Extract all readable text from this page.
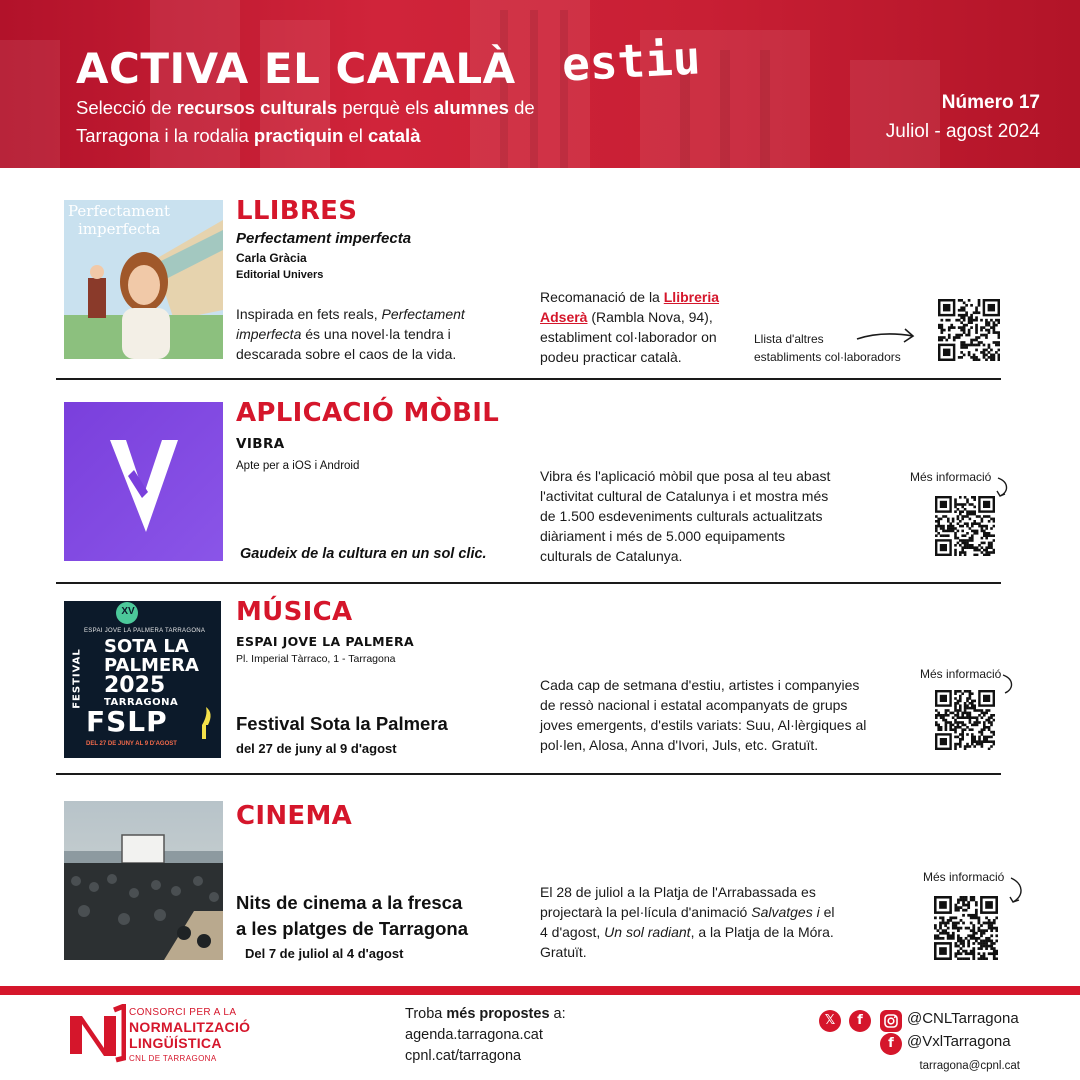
ACTIVA EL CATALÀ estiu
Selecció de recursos culturals perquè els alumnes de Tarragona i la rodalia practiquin el català
Número 17
Juliol - agost 2024
Perfectament
imperfecta
LLIBRES
Perfectament imperfecta
Carla Gràcia
Editorial Univers
Inspirada en fets reals, Perfectament imperfecta és una novel·la tendra i descarada sobre el caos de la vida.
Recomanació de la Llibreria Adserà (Rambla Nova, 94), establiment col·laborador on podeu practicar català.
Llista d'altres
establiments col·laboradors
APLICACIÓ MÒBIL
VIBRA
Apte per a iOS i Android
Gaudeix de la cultura en un sol clic.
Vibra és l'aplicació mòbil que posa al teu abast l'activitat cultural de Catalunya i et mostra més de 1.500 esdeveniments culturals actualitzats diàriament i més de 5.000 equipaments culturals de Catalunya.
Més informació
XV
ESPAI JOVE LA PALMERA TARRAGONA
FESTIVAL
SOTA LA
PALMERA
2025
TARRAGONA
FSLP
DEL 27 DE JUNY AL 9 D'AGOST
MÚSICA
ESPAI JOVE LA PALMERA
Pl. Imperial Tàrraco, 1 - Tarragona
Festival Sota la Palmera
del 27 de juny al 9 d'agost
Cada cap de setmana d'estiu, artistes i companyies de ressò nacional i estatal acompanyats de grups joves emergents, d'estils variats: Suu, Al·lèrgiques al pol·len, Alosa, Anna d'Ivori, Juls, etc. Gratuït.
Més informació
CINEMA
Nits de cinema a la fresca
a les platges de Tarragona
Del 7 de juliol al 4 d'agost
El 28 de juliol a la Platja de l'Arrabassada es projectarà la pel·lícula d'animació Salvatges i el 4 d'agost, Un sol radiant, a la Platja de la Móra. Gratuït.
Més informació
CONSORCI PER A LA
NORMALITZACIÓ
LINGÜÍSTICA
CNL DE TARRAGONA
Troba més propostes a:
agenda.tarragona.cat
cpnl.cat/tarragona
𝕏	f	@CNLTarragona
f @VxlTarragona
tarragona@cpnl.cat
